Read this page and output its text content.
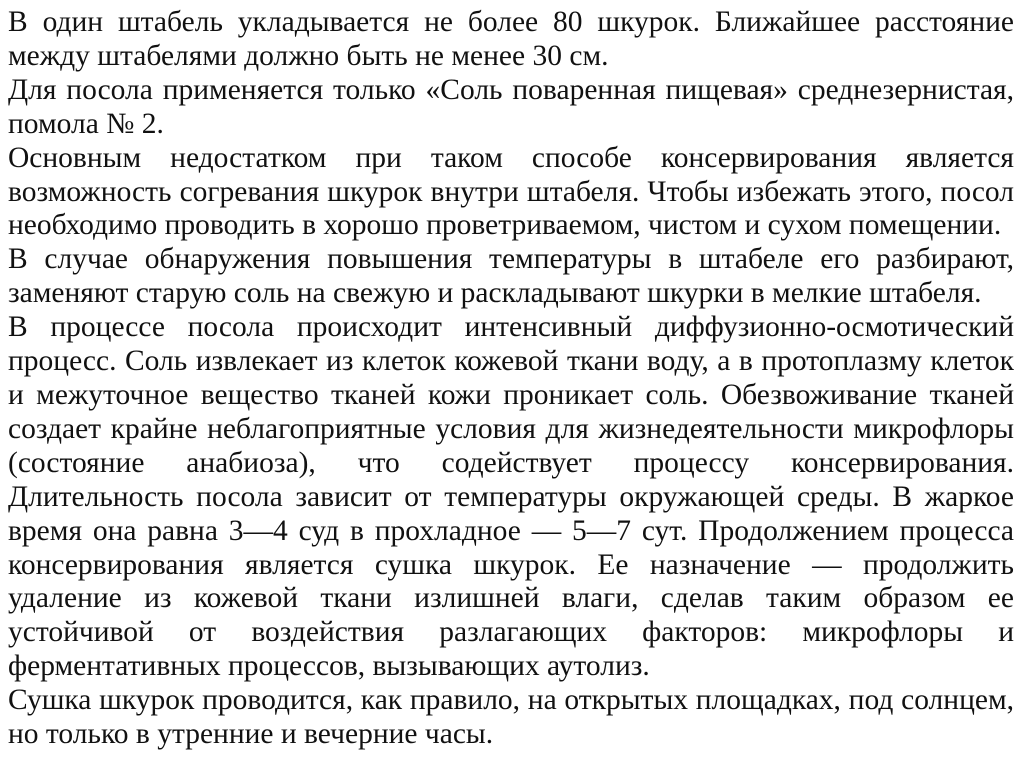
В один штабель укладывается не более 80 шкурок. Ближайшее расстояние между штабелями должно быть не менее 30 см.

Для посола применяется только «Соль поваренная пищевая» среднезернистая, помола № 2.

Основным недостатком при таком способе консервирования является возможность согревания шкурок внутри штабеля. Чтобы избежать этого, посол необходимо проводить в хорошо проветриваемом, чистом и сухом помещении.

В случае обнаружения повышения температуры в штабеле его разбирают, заменяют старую соль на свежую и раскладывают шкурки в мелкие штабеля.

В процессе посола происходит интенсивный диффузионно-осмотический процесс. Соль извлекает из клеток кожевой ткани воду, а в протоплазму клеток и межуточное вещество тканей кожи проникает соль. Обезвоживание тканей создает крайне неблагоприятные условия для жизнедеятельности микрофлоры (состояние анабиоза), что содействует процессу консервирования. Длительность посола зависит от температуры окружающей среды. В жаркое время она равна 3—4 суд в прохладное — 5—7 сут. Продолжением процесса консервирования является сушка шкурок. Ее назначение — продолжить удаление из кожевой ткани излишней влаги, сделав таким образом ее устойчивой от воздействия разлагающих факторов: микрофлоры и ферментативных процессов, вызывающих аутолиз.

Сушка шкурок проводится, как правило, на открытых площадках, под солнцем, но только в утренние и вечерние часы.
